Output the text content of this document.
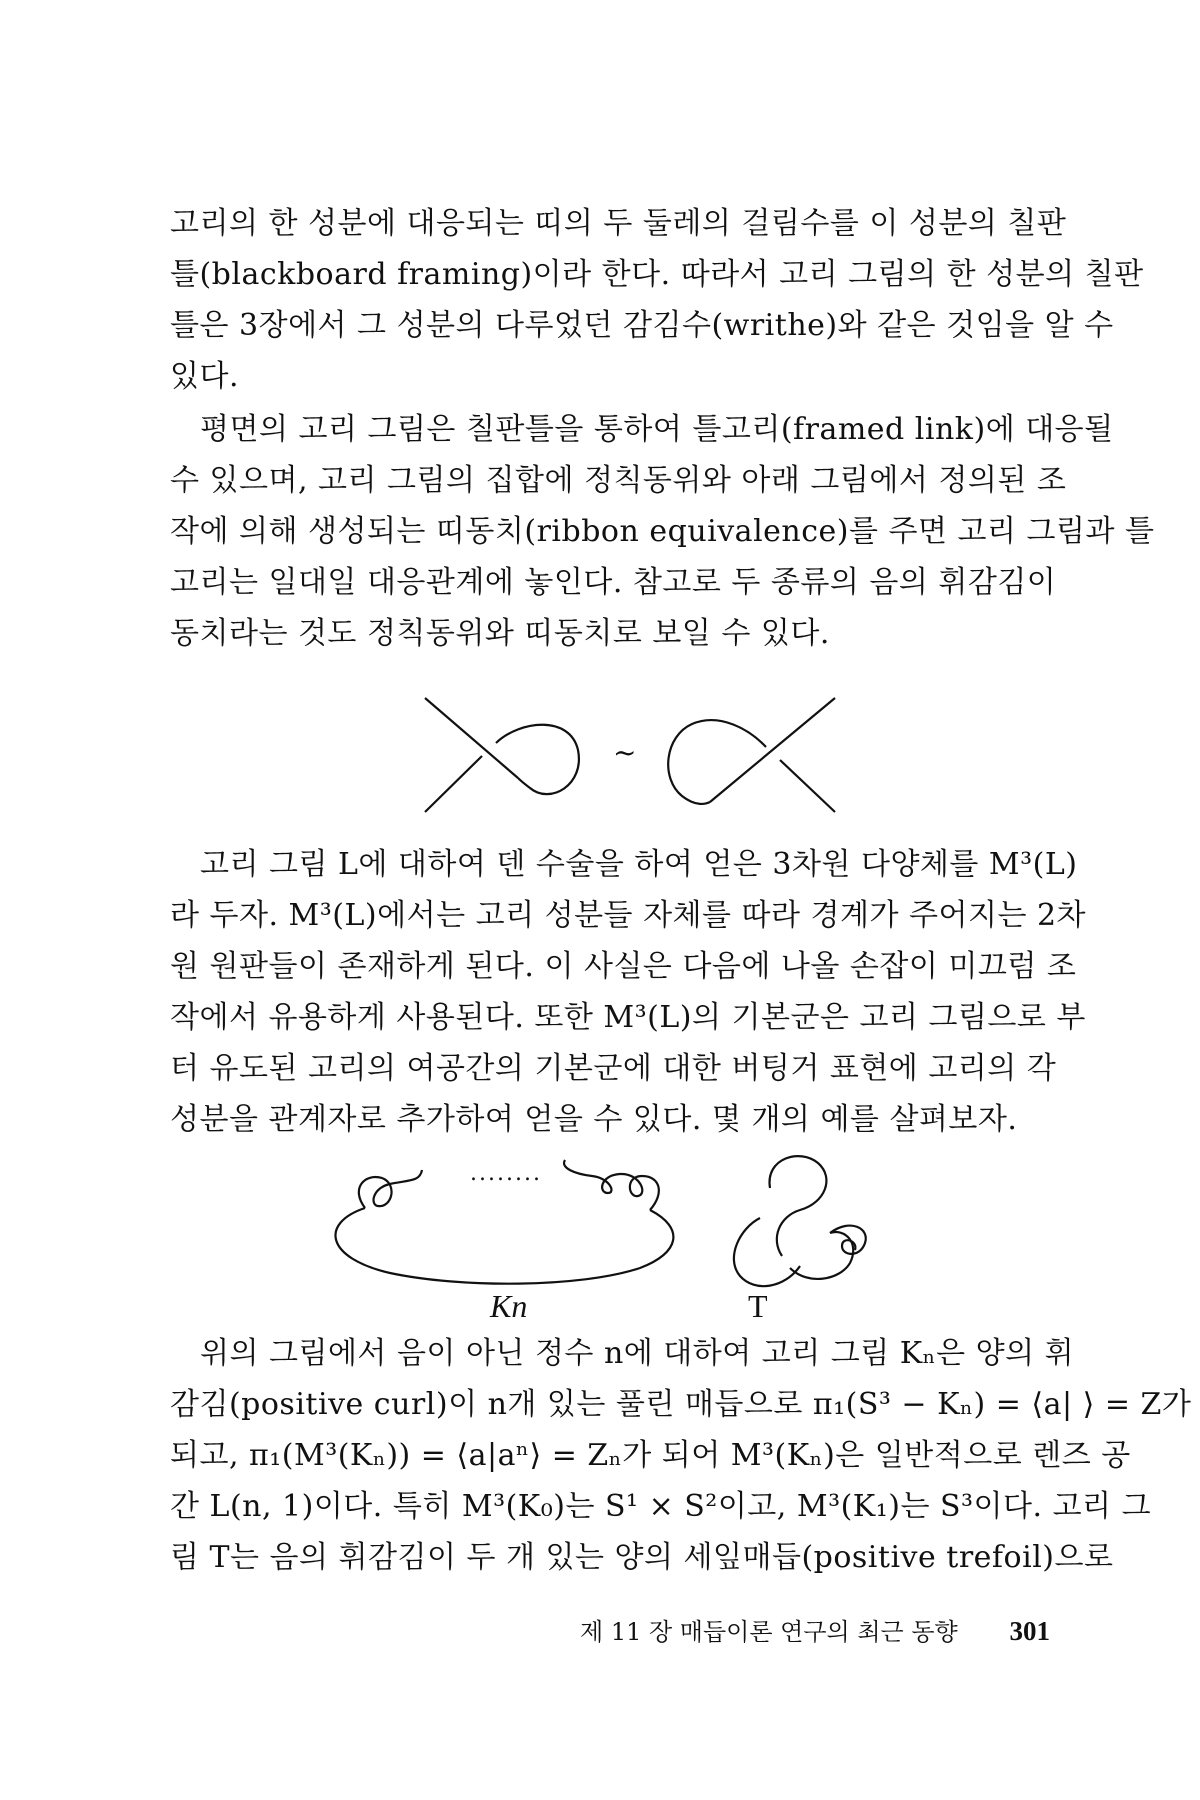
고리의 한 성분에 대응되는 띠의 두 둘레의 걸림수를 이 성분의 칠판
틀(blackboard framing)이라 한다. 따라서 고리 그림의 한 성분의 칠판
틀은 3장에서 그 성분의 다루었던 감김수(writhe)와 같은 것임을 알 수
있다.
평면의 고리 그림은 칠판틀을 통하여 틀고리(framed link)에 대응될
수 있으며, 고리 그림의 집합에 정칙동위와 아래 그림에서 정의된 조
작에 의해 생성되는 띠동치(ribbon equivalence)를 주면 고리 그림과 틀
고리는 일대일 대응관계에 놓인다. 참고로 두 종류의 음의 휘감김이
동치라는 것도 정칙동위와 띠동치로 보일 수 있다.
~
고리 그림 L에 대하여 덴 수술을 하여 얻은 3차원 다양체를 M³(L)
라 두자. M³(L)에서는 고리 성분들 자체를 따라 경계가 주어지는 2차
원 원판들이 존재하게 된다. 이 사실은 다음에 나올 손잡이 미끄럼 조
작에서 유용하게 사용된다. 또한 M³(L)의 기본군은 고리 그림으로 부
터 유도된 고리의 여공간의 기본군에 대한 버팅거 표현에 고리의 각
성분을 관계자로 추가하여 얻을 수 있다. 몇 개의 예를 살펴보자.
........
Kn	T
위의 그림에서 음이 아닌 정수 n에 대하여 고리 그림 Kₙ은 양의 휘
감김(positive curl)이 n개 있는 풀린 매듭으로 π₁(S³ − Kₙ) = ⟨a| ⟩ = Z가
되고, π₁(M³(Kₙ)) = ⟨a|aⁿ⟩ = Zₙ가 되어 M³(Kₙ)은 일반적으로 렌즈 공
간 L(n, 1)이다. 특히 M³(K₀)는 S¹ × S²이고, M³(K₁)는 S³이다. 고리 그
림 T는 음의 휘감김이 두 개 있는 양의 세잎매듭(positive trefoil)으로
제 11 장 매듭이론 연구의 최근 동향 301
